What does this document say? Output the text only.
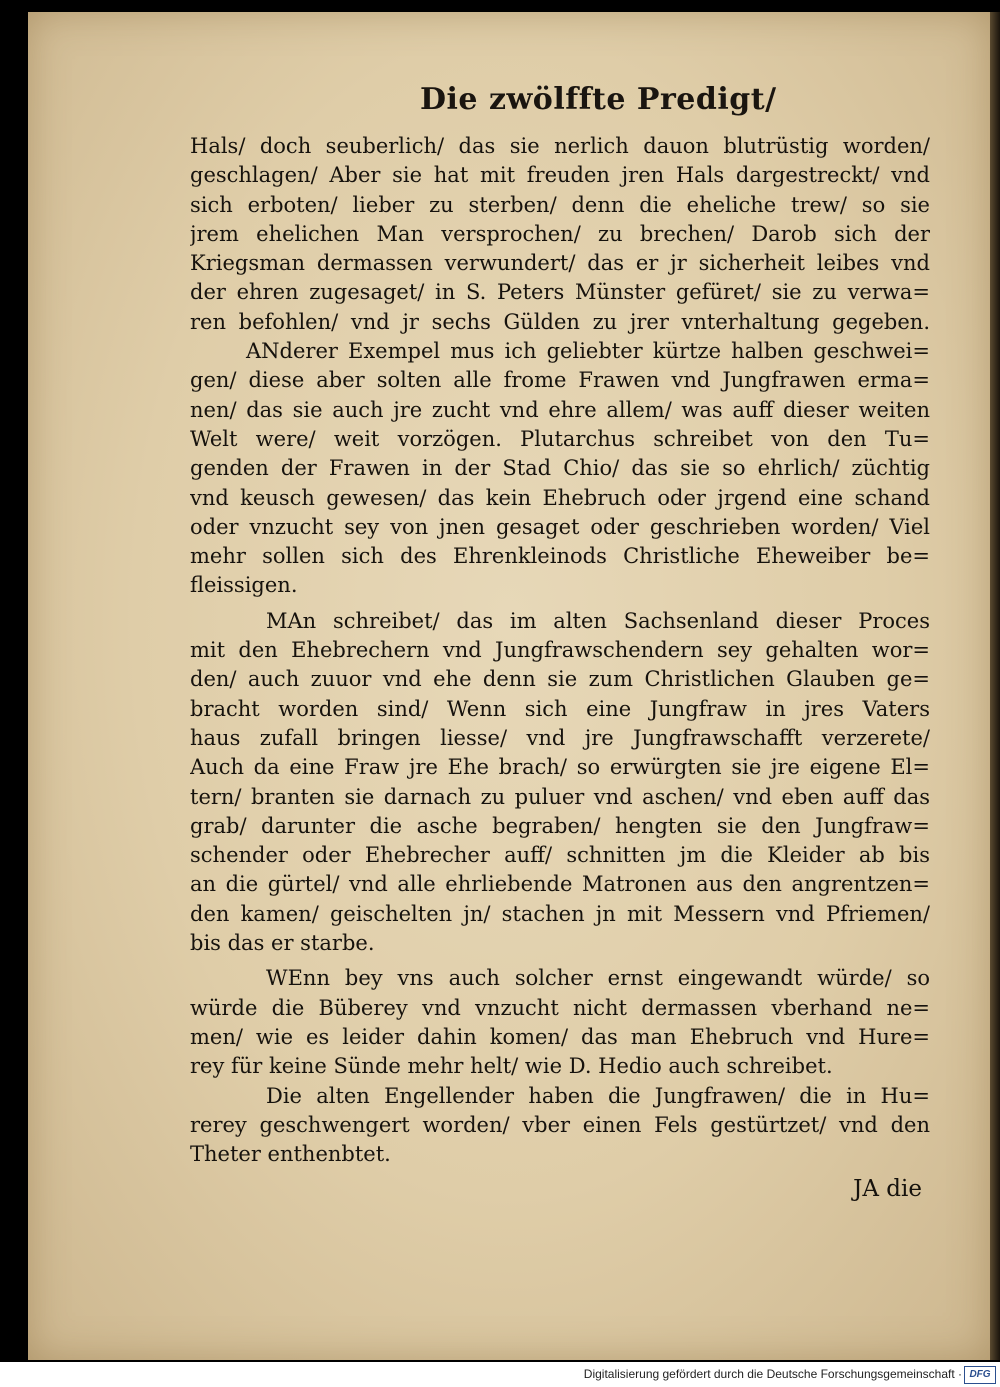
Die zwölffte Predigt/
Hals/ doch seuberlich/ das sie nerlich dauon blutrüstig worden/
geschlagen/ Aber sie hat mit freuden jren Hals dargestreckt/ vnd
sich erboten/ lieber zu sterben/ denn die eheliche trew/ so sie
jrem ehelichen Man versprochen/ zu brechen/ Darob sich der
Kriegsman dermassen verwundert/ das er jr sicherheit leibes vnd
der ehren zugesaget/ in S. Peters Münster gefüret/ sie zu verwa=
ren befohlen/ vnd jr sechs Gülden zu jrer vnterhaltung gegeben.
ANderer Exempel mus ich geliebter kürtze halben geschwei=
gen/ diese aber solten alle frome Frawen vnd Jungfrawen erma=
nen/ das sie auch jre zucht vnd ehre allem/ was auff dieser weiten
Welt were/ weit vorzögen. Plutarchus schreibet von den Tu=
genden der Frawen in der Stad Chio/ das sie so ehrlich/ züchtig
vnd keusch gewesen/ das kein Ehebruch oder jrgend eine schand
oder vnzucht sey von jnen gesaget oder geschrieben worden/ Viel
mehr sollen sich des Ehrenkleinods Christliche Eheweiber be=
fleissigen.
MAn schreibet/ das im alten Sachsenland dieser Proces
mit den Ehebrechern vnd Jungfrawschendern sey gehalten wor=
den/ auch zuuor vnd ehe denn sie zum Christlichen Glauben ge=
bracht worden sind/ Wenn sich eine Jungfraw in jres Vaters
haus zufall bringen liesse/ vnd jre Jungfrawschafft verzerete/
Auch da eine Fraw jre Ehe brach/ so erwürgten sie jre eigene El=
tern/ branten sie darnach zu puluer vnd aschen/ vnd eben auff das
grab/ darunter die asche begraben/ hengten sie den Jungfraw=
schender oder Ehebrecher auff/ schnitten jm die Kleider ab bis
an die gürtel/ vnd alle ehrliebende Matronen aus den angrentzen=
den kamen/ geischelten jn/ stachen jn mit Messern vnd Pfriemen/
bis das er starbe.
WEnn bey vns auch solcher ernst eingewandt würde/ so
würde die Büberey vnd vnzucht nicht dermassen vberhand ne=
men/ wie es leider dahin komen/ das man Ehebruch vnd Hure=
rey für keine Sünde mehr helt/ wie D. Hedio auch schreibet.
Die alten Engellender haben die Jungfrawen/ die in Hu=
rerey geschwengert worden/ vber einen Fels gestürtzet/ vnd den
Theter enthenbtet.
JA die
Digitalisierung gefördert durch die Deutsche Forschungsgemeinschaft · DFG
